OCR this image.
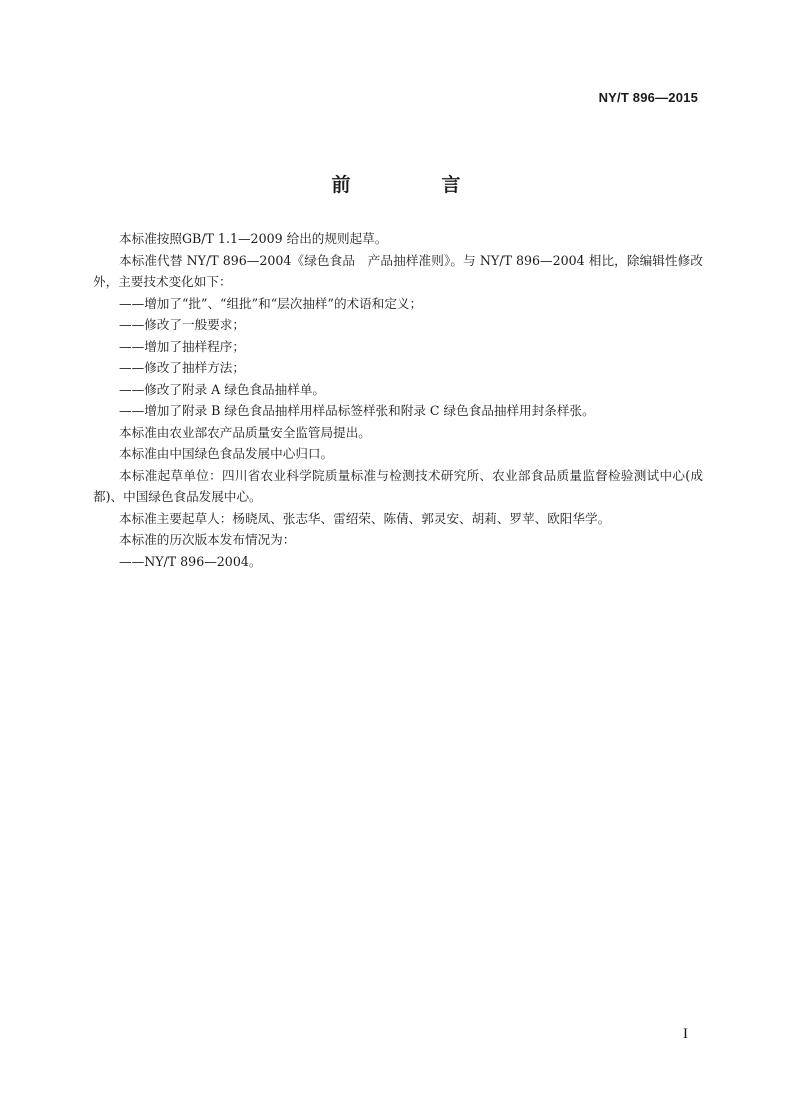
NY/T 896—2015
前　言

本标准按照GB/T 1.1—2009 给出的规则起草。

本标准代替 NY/T 896—2004《绿色食品　产品抽样准则》。与 NY/T 896—2004 相比，除编辑性修改外，主要技术变化如下：

——增加了“批”、“组批”和“层次抽样”的术语和定义；

——修改了一般要求；

——增加了抽样程序；

——修改了抽样方法；

——修改了附录 A 绿色食品抽样单。

——增加了附录 B 绿色食品抽样用样品标签样张和附录 C 绿色食品抽样用封条样张。

本标准由农业部农产品质量安全监管局提出。

本标准由中国绿色食品发展中心归口。

本标准起草单位：四川省农业科学院质量标准与检测技术研究所、农业部食品质量监督检验测试中心(成都)、中国绿色食品发展中心。

本标准主要起草人：杨晓凤、张志华、雷绍荣、陈倩、郭灵安、胡莉、罗苹、欧阳华学。

本标准的历次版本发布情况为：

——NY/T 896—2004。

I
